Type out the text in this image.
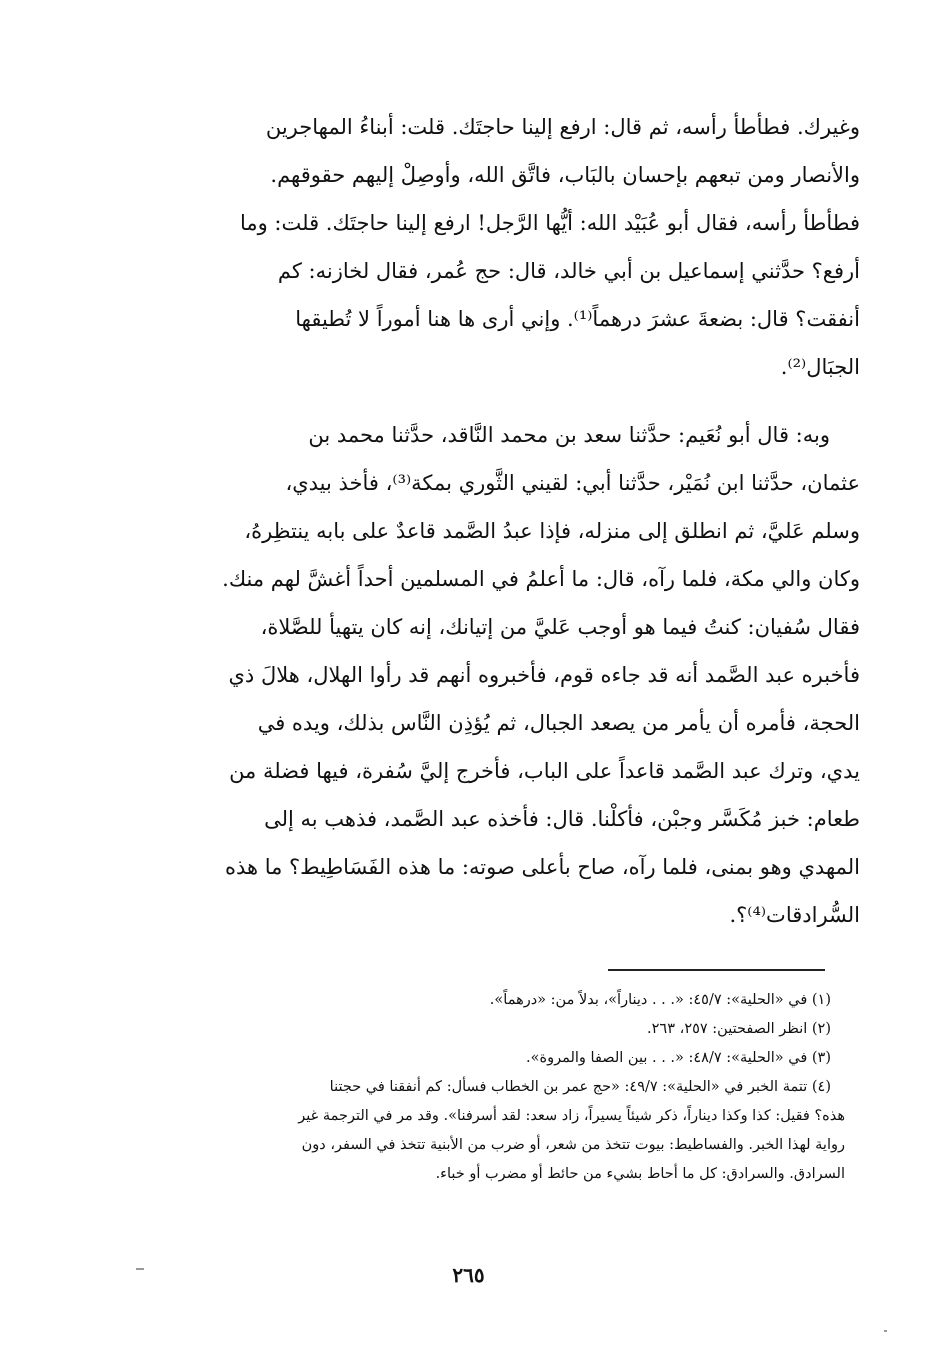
وغيرك. فطأطأ رأسه، ثم قال: ارفع إلينا حاجتَك. قلت: أبناءُ المهاجرين
والأنصار ومن تبعهم بإحسان بالبَاب، فاتَّق الله، وأوصِلْ إليهم حقوقهم.
فطأطأ رأسه، فقال أبو عُبَيْد الله: أيُّها الرَّجل! ارفع إلينا حاجتَك. قلت: وما
أرفع؟ حدَّثني إسماعيل بن أبي خالد، قال: حج عُمر، فقال لخازنه: كم
أنفقت؟ قال: بضعةَ عشرَ درهماً⁽¹⁾. وإني أرى ها هنا أموراً لا تُطيقها
الجبَال⁽²⁾.
وبه: قال أبو نُعَيم: حدَّثنا سعد بن محمد النَّاقد، حدَّثنا محمد بن
عثمان، حدَّثنا ابن نُمَيْر، حدَّثنا أبي: لقيني الثَّوري بمكة⁽³⁾، فأخذ بيدي،
وسلم عَليَّ، ثم انطلق إلى منزله، فإذا عبدُ الصَّمد قاعدٌ على بابه ينتظِرهُ،
وكان والي مكة، فلما رآه، قال: ما أعلمُ في المسلمين أحداً أغشَّ لهم منك.
فقال سُفيان: كنتُ فيما هو أوجب عَليَّ من إتيانك، إنه كان يتهيأ للصَّلاة،
فأخبره عبد الصَّمد أنه قد جاءه قوم، فأخبروه أنهم قد رأوا الهلال، هلالَ ذي
الحجة، فأمره أن يأمر من يصعد الجبال، ثم يُؤذِن النَّاس بذلك، ويده في
يدي، وترك عبد الصَّمد قاعداً على الباب، فأخرج إليَّ سُفرة، فيها فضلة من
طعام: خبز مُكَسَّر وجبْن، فأكلْنا. قال: فأخذه عبد الصَّمد، فذهب به إلى
المهدي وهو بمنى، فلما رآه، صاح بأعلى صوته: ما هذه الفَسَاطِيط؟ ما هذه
السُّرادقات⁽⁴⁾؟.
(١) في «الحلية»: ٤٥/٧: «. . . ديناراً»، بدلاً من: «درهماً».
(٢) انظر الصفحتين: ٢٥٧، ٢٦٣.
(٣) في «الحلية»: ٤٨/٧: «. . . بين الصفا والمروة».
(٤) تتمة الخبر في «الحلية»: ٤٩/٧: «حج عمر بن الخطاب فسأل: كم أنفقنا في حجتنا
هذه؟ فقيل: كذا وكذا ديناراً، ذكر شيئاً يسيراً، زاد سعد: لقد أسرفنا». وقد مر في الترجمة غير
رواية لهذا الخبر. والفساطيط: بيوت تتخذ من شعر، أو ضرب من الأبنية تتخذ في السفر، دون
السرادق. والسرادق: كل ما أحاط بشيء من حائط أو مضرب أو خباء.
٢٦٥
